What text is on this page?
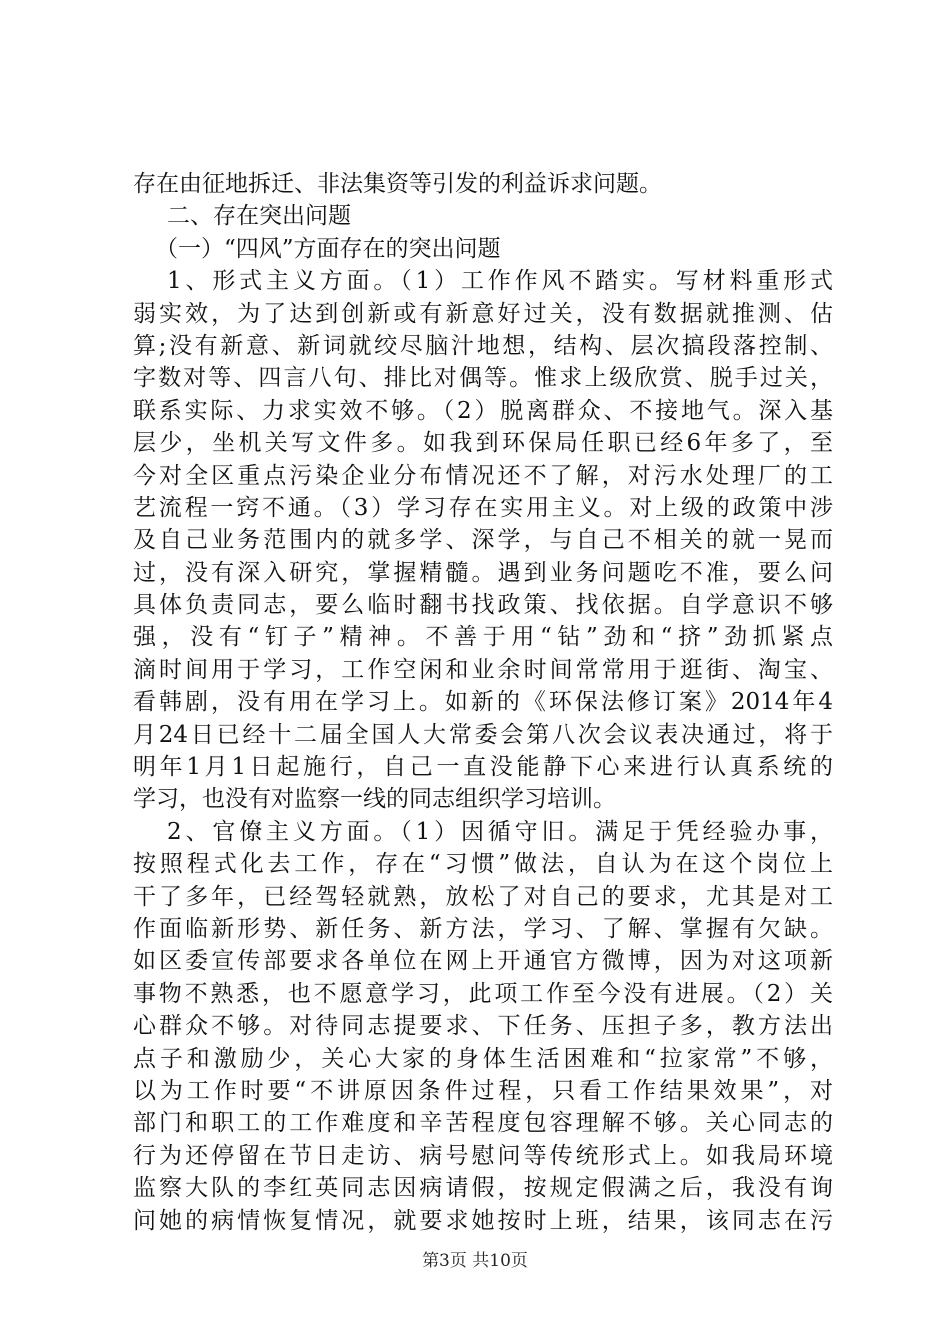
存在由征地拆迁、非法集资等引发的利益诉求问题。
二、存在突出问题
（一）“四风”方面存在的突出问题
1、形式主义方面。（1）工作作风不踏实。写材料重形式
弱实效，为了达到创新或有新意好过关，没有数据就推测、估
算;没有新意、新词就绞尽脑汁地想，结构、层次搞段落控制、
字数对等、四言八句、排比对偶等。惟求上级欣赏、脱手过关，
联系实际、力求实效不够。（2）脱离群众、不接地气。深入基
层少，坐机关写文件多。如我到环保局任职已经6年多了，至
今对全区重点污染企业分布情况还不了解，对污水处理厂的工
艺流程一窍不通。（3）学习存在实用主义。对上级的政策中涉
及自己业务范围内的就多学、深学，与自己不相关的就一晃而
过，没有深入研究，掌握精髓。遇到业务问题吃不准，要么问
具体负责同志，要么临时翻书找政策、找依据。自学意识不够
强，没有“钉子”精神。不善于用“钻”劲和“挤”劲抓紧点
滴时间用于学习，工作空闲和业余时间常常用于逛街、淘宝、
看韩剧，没有用在学习上。如新的《环保法修订案》2014年4
月24日已经十二届全国人大常委会第八次会议表决通过，将于
明年1月1日起施行，自己一直没能静下心来进行认真系统的
学习，也没有对监察一线的同志组织学习培训。
2、官僚主义方面。（1）因循守旧。满足于凭经验办事，
按照程式化去工作，存在“习惯”做法，自认为在这个岗位上
干了多年，已经驾轻就熟，放松了对自己的要求，尤其是对工
作面临新形势、新任务、新方法，学习、了解、掌握有欠缺。
如区委宣传部要求各单位在网上开通官方微博，因为对这项新
事物不熟悉，也不愿意学习，此项工作至今没有进展。（2）关
心群众不够。对待同志提要求、下任务、压担子多，教方法出
点子和激励少，关心大家的身体生活困难和“拉家常”不够，
以为工作时要“不讲原因条件过程，只看工作结果效果”，对
部门和职工的工作难度和辛苦程度包容理解不够。关心同志的
行为还停留在节日走访、病号慰问等传统形式上。如我局环境
监察大队的李红英同志因病请假，按规定假满之后，我没有询
问她的病情恢复情况，就要求她按时上班，结果，该同志在污
第3页 共10页
